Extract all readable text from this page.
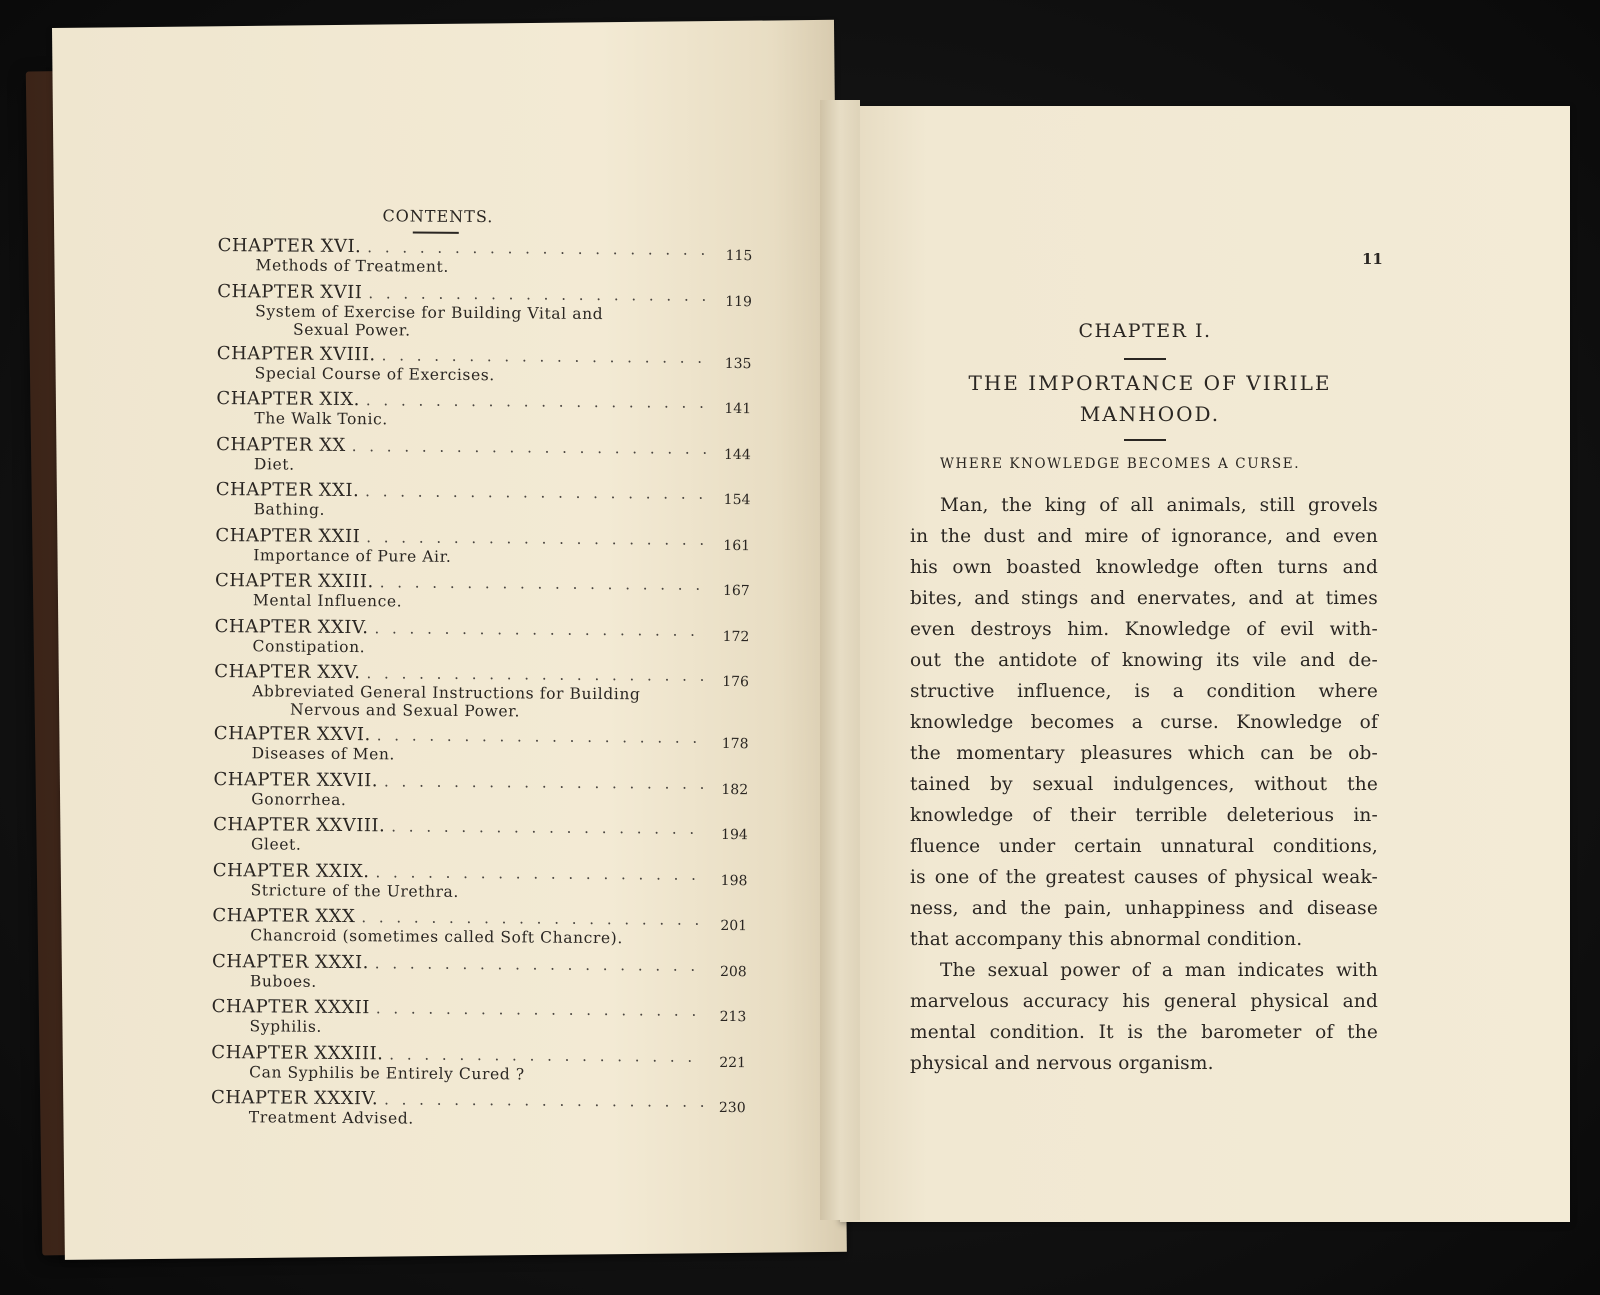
CONTENTS.
CHAPTER XVI. . . .	115
Methods of Treatment.
CHAPTER XVII . . .	119
System of Exercise for Building Vital and
Sexual Power.
CHAPTER XVIII. . . .	135
Special Course of Exercises.
CHAPTER XIX. . . .	141
The Walk Tonic.
CHAPTER XX . . .	144
Diet.
CHAPTER XXI. . . .	154
Bathing.
CHAPTER XXII . . .	161
Importance of Pure Air.
CHAPTER XXIII. . . .	167
Mental Influence.
CHAPTER XXIV. . . .	172
Constipation.
CHAPTER XXV. . . .	176
Abbreviated General Instructions for Building
Nervous and Sexual Power.
CHAPTER XXVI. . . .	178
Diseases of Men.
CHAPTER XXVII. . . .	182
Gonorrhea.
CHAPTER XXVIII. . . .	194
Gleet.
CHAPTER XXIX. . . .	198
Stricture of the Urethra.
CHAPTER XXX . . .	201
Chancroid (sometimes called Soft Chancre).
CHAPTER XXXI. . . .	208
Buboes.
CHAPTER XXXII . . .	213
Syphilis.
CHAPTER XXXIII. . . .	221
Can Syphilis be Entirely Cured ?
CHAPTER XXXIV. . . .	230
Treatment Advised.
11
CHAPTER I.
THE IMPORTANCE OF VIRILE
MANHOOD.
WHERE KNOWLEDGE BECOMES A CURSE.
Man, the king of all animals, still grovels
in the dust and mire of ignorance, and even
his own boasted knowledge often turns and
bites, and stings and enervates, and at times
even destroys him. Knowledge of evil with-
out the antidote of knowing its vile and de-
structive influence, is a condition where
knowledge becomes a curse. Knowledge of
the momentary pleasures which can be ob-
tained by sexual indulgences, without the
knowledge of their terrible deleterious in-
fluence under certain unnatural conditions,
is one of the greatest causes of physical weak-
ness, and the pain, unhappiness and disease
that accompany this abnormal condition.
The sexual power of a man indicates with
marvelous accuracy his general physical and
mental condition. It is the barometer of the
physical and nervous organism.
